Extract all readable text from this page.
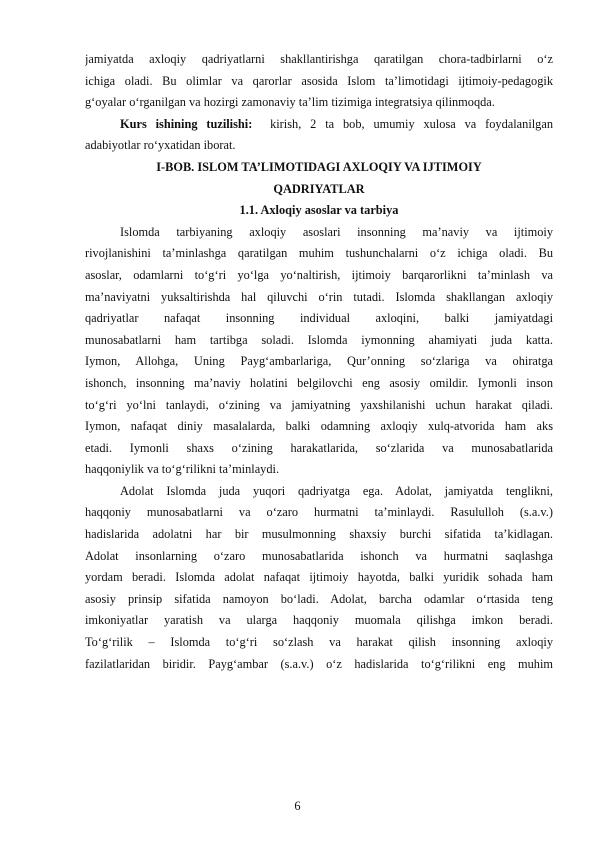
jamiyatda axloqiy qadriyatlarni shakllantirishga qaratilgan chora-tadbirlarni o‘z

ichiga oladi. Bu olimlar va qarorlar asosida Islom ta’limotidagi ijtimoiy-pedagogik

g‘oyalar o‘rganilgan va hozirgi zamonaviy ta’lim tizimiga integratsiya qilinmoqda.

Kurs ishining tuzilishi:  kirish, 2 ta bob, umumiy xulosa va foydalanilgan

adabiyotlar ro‘yxatidan iborat.

I-BOB. ISLOM TA’LIMOTIDAGI AXLOQIY VA IJTIMOIY
QADRIYATLAR
1.1. Axloqiy asoslar va tarbiya

Islomda tarbiyaning axloqiy asoslari insonning ma’naviy va ijtimoiy

rivojlanishini ta’minlashga qaratilgan muhim tushunchalarni o‘z ichiga oladi. Bu

asoslar, odamlarni to‘g‘ri yo‘lga yo‘naltirish, ijtimoiy barqarorlikni ta’minlash va

ma’naviyatni yuksaltirishda hal qiluvchi o‘rin tutadi. Islomda shakllangan axloqiy

qadriyatlar nafaqat insonning individual axloqini, balki jamiyatdagi

munosabatlarni ham tartibga soladi. Islomda iymonning ahamiyati juda katta.

Iymon, Allohga, Uning Payg‘ambarlariga, Qur’onning so‘zlariga va ohiratga

ishonch, insonning ma’naviy holatini belgilovchi eng asosiy omildir. Iymonli inson

to‘g‘ri yo‘lni tanlaydi, o‘zining va jamiyatning yaxshilanishi uchun harakat qiladi.

Iymon, nafaqat diniy masalalarda, balki odamning axloqiy xulq-atvorida ham aks

etadi. Iymonli shaxs o‘zining harakatlarida, so‘zlarida va munosabatlarida

haqqoniylik va to‘g‘rilikni ta’minlaydi.

Adolat Islomda juda yuqori qadriyatga ega. Adolat, jamiyatda tenglikni,

haqqoniy munosabatlarni va o‘zaro hurmatni ta’minlaydi. Rasululloh (s.a.v.)

hadislarida adolatni har bir musulmonning shaxsiy burchi sifatida ta’kidlagan.

Adolat insonlarning o‘zaro munosabatlarida ishonch va hurmatni saqlashga

yordam beradi. Islomda adolat nafaqat ijtimoiy hayotda, balki yuridik sohada ham

asosiy prinsip sifatida namoyon bo‘ladi. Adolat, barcha odamlar o‘rtasida teng

imkoniyatlar yaratish va ularga haqqoniy muomala qilishga imkon beradi.

To‘g‘rilik – Islomda to‘g‘ri so‘zlash va harakat qilish insonning axloqiy

fazilatlaridan biridir. Payg‘ambar (s.a.v.) o‘z hadislarida to‘g‘rilikni eng muhim

6
